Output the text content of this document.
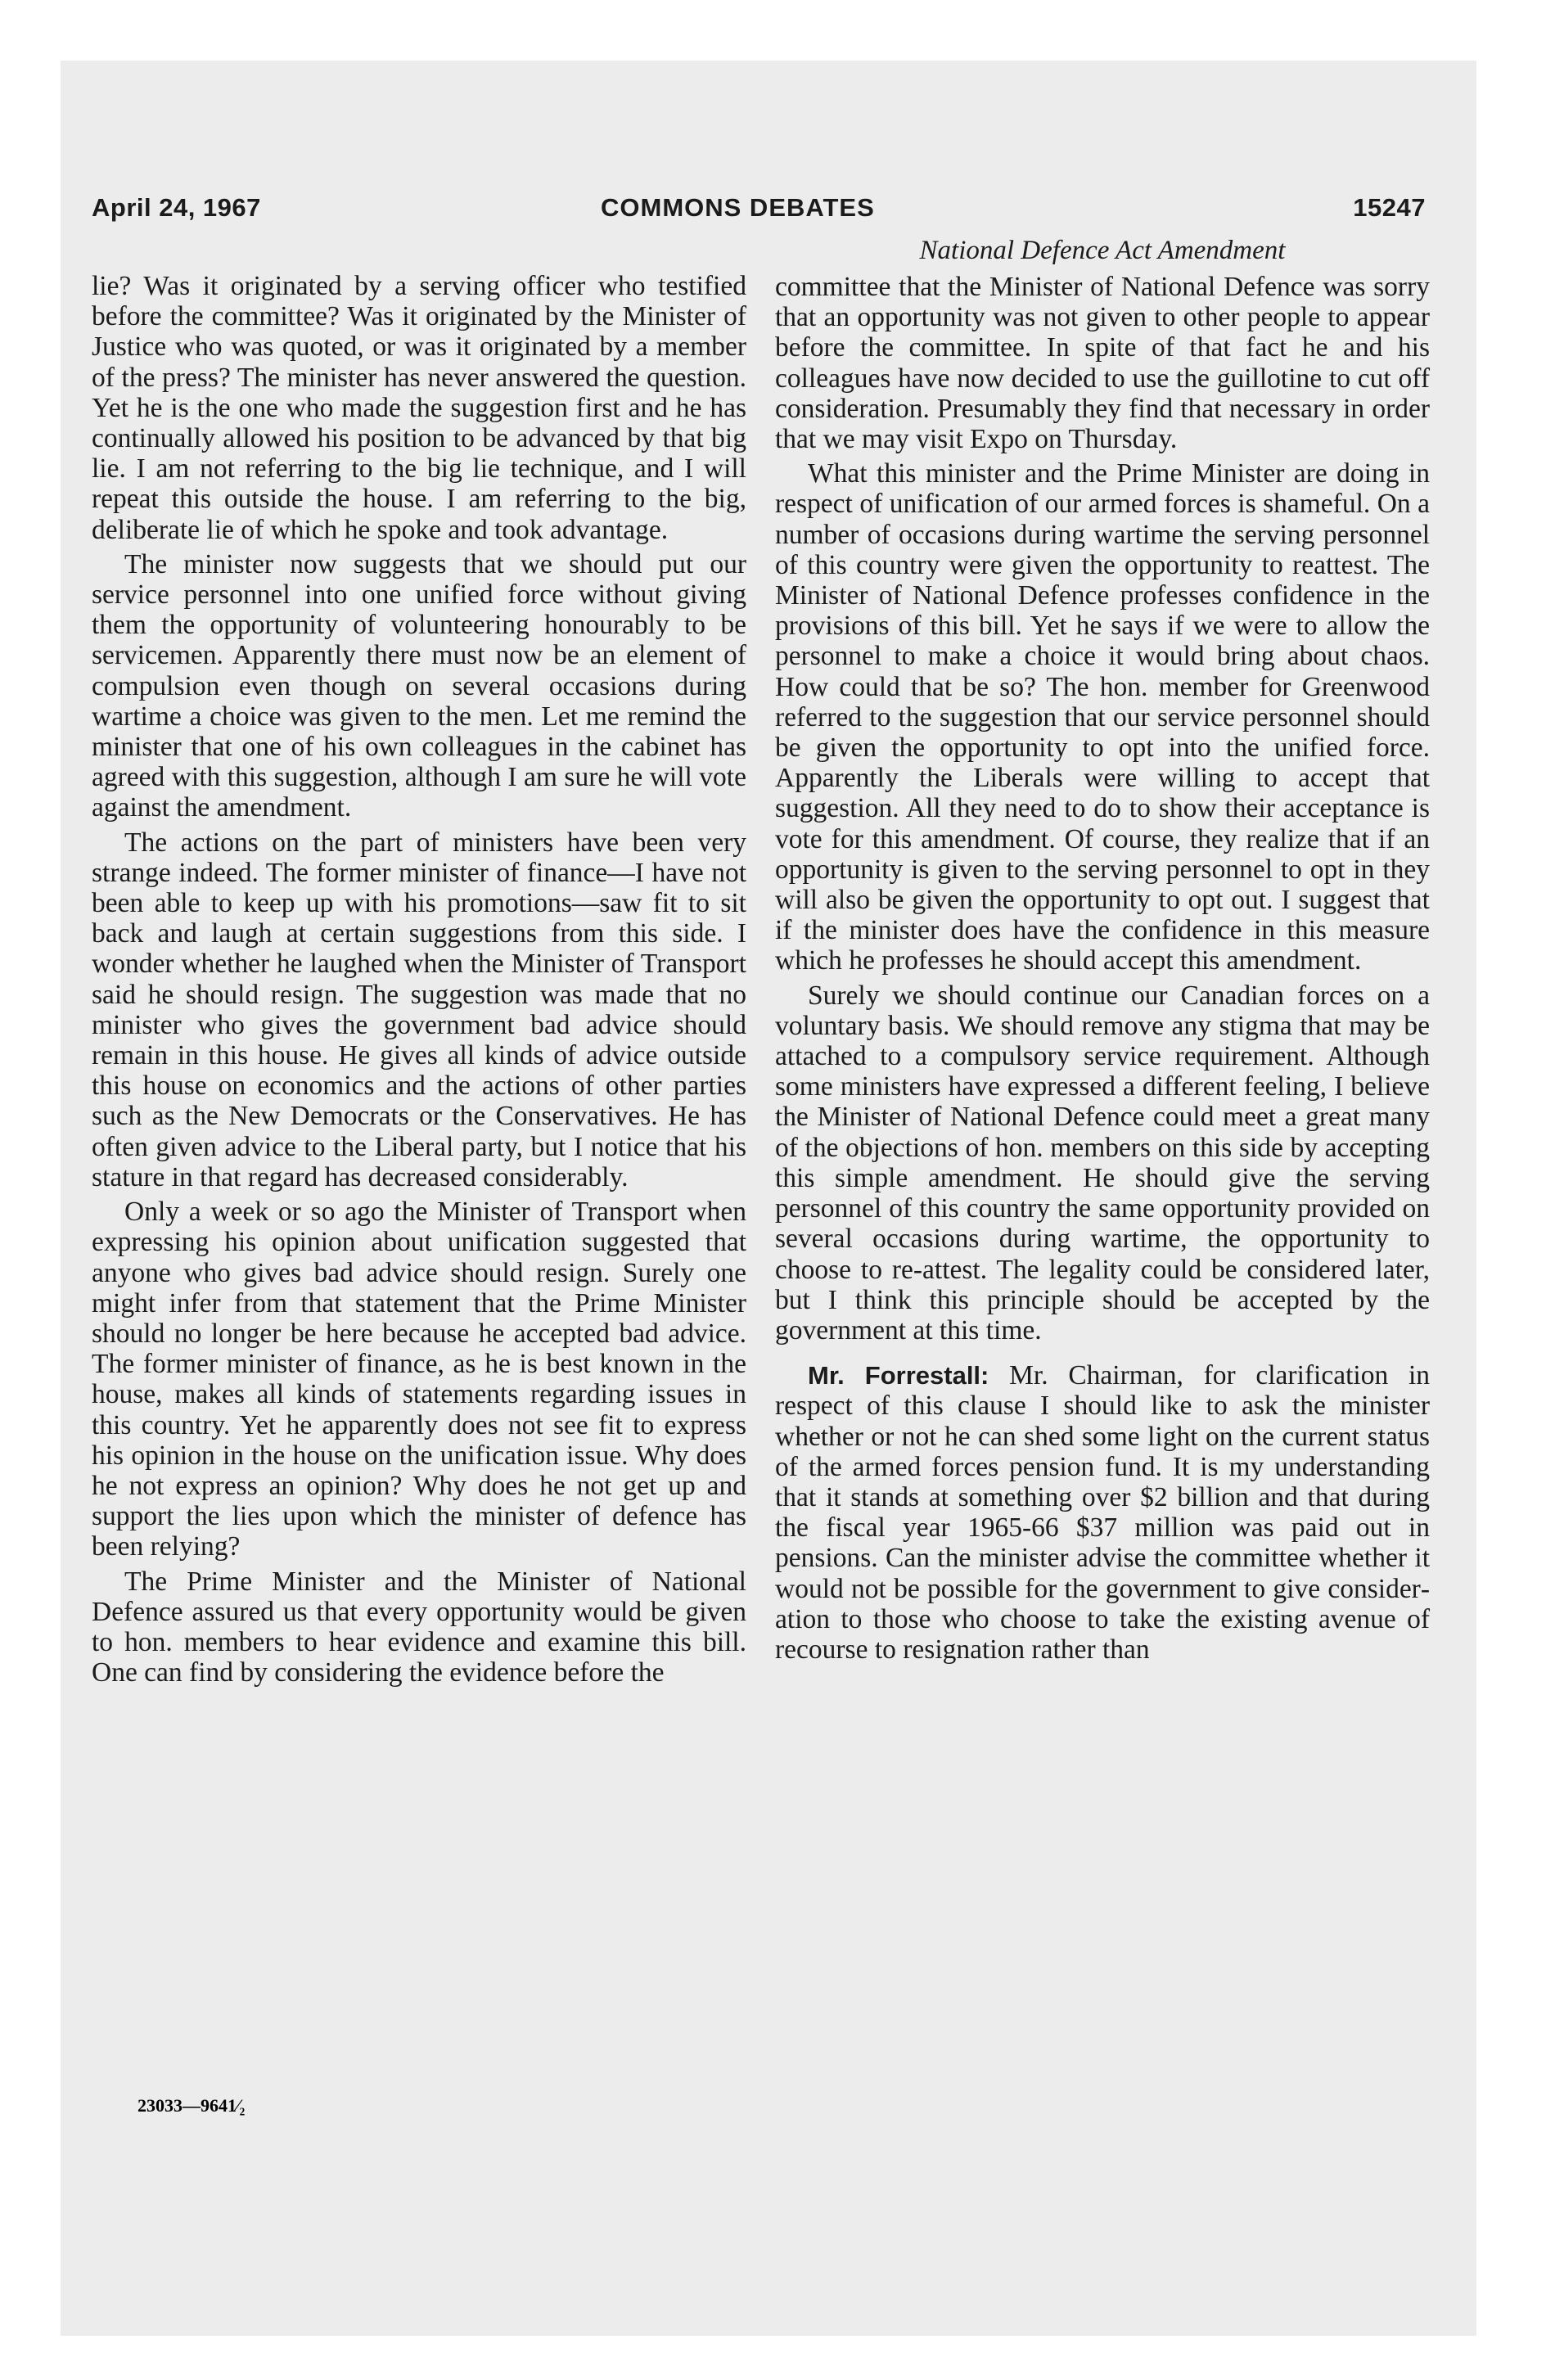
April 24, 1967	COMMONS DEBATES	15247

lie? Was it originated by a serving officer who testified before the committee? Was it originated by the Minister of Justice who was quoted, or was it originated by a member of the press? The minister has never answered the question. Yet he is the one who made the suggestion first and he has continually allowed his position to be advanced by that big lie. I am not referring to the big lie technique, and I will repeat this outside the house. I am referring to the big, deliberate lie of which he spoke and took advantage.

The minister now suggests that we should put our service personnel into one unified force without giving them the opportunity of volunteering honourably to be servicemen. Apparently there must now be an element of compulsion even though on several occasions during wartime a choice was given to the men. Let me remind the minister that one of his own colleagues in the cabinet has agreed with this suggestion, although I am sure he will vote against the amendment.

The actions on the part of ministers have been very strange indeed. The former minister of finance—I have not been able to keep up with his promotions—saw fit to sit back and laugh at certain suggestions from this side. I wonder whether he laughed when the Minister of Transport said he should resign. The suggestion was made that no minister who gives the government bad advice should remain in this house. He gives all kinds of advice outside this house on economics and the actions of other parties such as the New Democrats or the Conservatives. He has often given advice to the Liberal party, but I notice that his stature in that regard has decreased considerably.

Only a week or so ago the Minister of Transport when expressing his opinion about unification suggested that anyone who gives bad advice should resign. Surely one might infer from that statement that the Prime Minister should no longer be here because he accepted bad advice. The former minister of finance, as he is best known in the house, makes all kinds of statements regarding issues in this country. Yet he apparently does not see fit to express his opinion in the house on the unification issue. Why does he not express an opinion? Why does he not get up and support the lies upon which the minister of defence has been relying?

The Prime Minister and the Minister of National Defence assured us that every opportunity would be given to hon. members to hear evidence and examine this bill. One can find by considering the evidence before the

National Defence Act Amendment

committee that the Minister of National Defence was sorry that an opportunity was not given to other people to appear before the committee. In spite of that fact he and his colleagues have now decided to use the guillotine to cut off consideration. Presumably they find that necessary in order that we may visit Expo on Thursday.

What this minister and the Prime Minister are doing in respect of unification of our armed forces is shameful. On a number of occasions during wartime the serving personnel of this country were given the opportunity to reattest. The Minister of National Defence professes confidence in the provisions of this bill. Yet he says if we were to allow the personnel to make a choice it would bring about chaos. How could that be so? The hon. member for Greenwood referred to the suggestion that our service personnel should be given the opportunity to opt into the unified force. Apparently the Liberals were willing to accept that suggestion. All they need to do to show their acceptance is vote for this amendment. Of course, they realize that if an opportunity is given to the serving personnel to opt in they will also be given the opportunity to opt out. I suggest that if the minister does have the confidence in this measure which he professes he should accept this amendment.

Surely we should continue our Canadian forces on a voluntary basis. We should remove any stigma that may be attached to a compulsory service requirement. Although some ministers have expressed a different feeling, I believe the Minister of National Defence could meet a great many of the objections of hon. members on this side by accepting this simple amendment. He should give the serving personnel of this country the same opportunity provided on several occasions during wartime, the opportunity to choose to re-attest. The legality could be considered later, but I think this principle should be accepted by the government at this time.

Mr. Forrestall: Mr. Chairman, for clarification in respect of this clause I should like to ask the minister whether or not he can shed some light on the current status of the armed forces pension fund. It is my understanding that it stands at something over $2 billion and that during the fiscal year 1965-66 $37 million was paid out in pensions. Can the minister advise the committee whether it would not be possible for the government to give consideration to those who choose to take the existing avenue of recourse to resignation rather than

23033—9641⁄₂
